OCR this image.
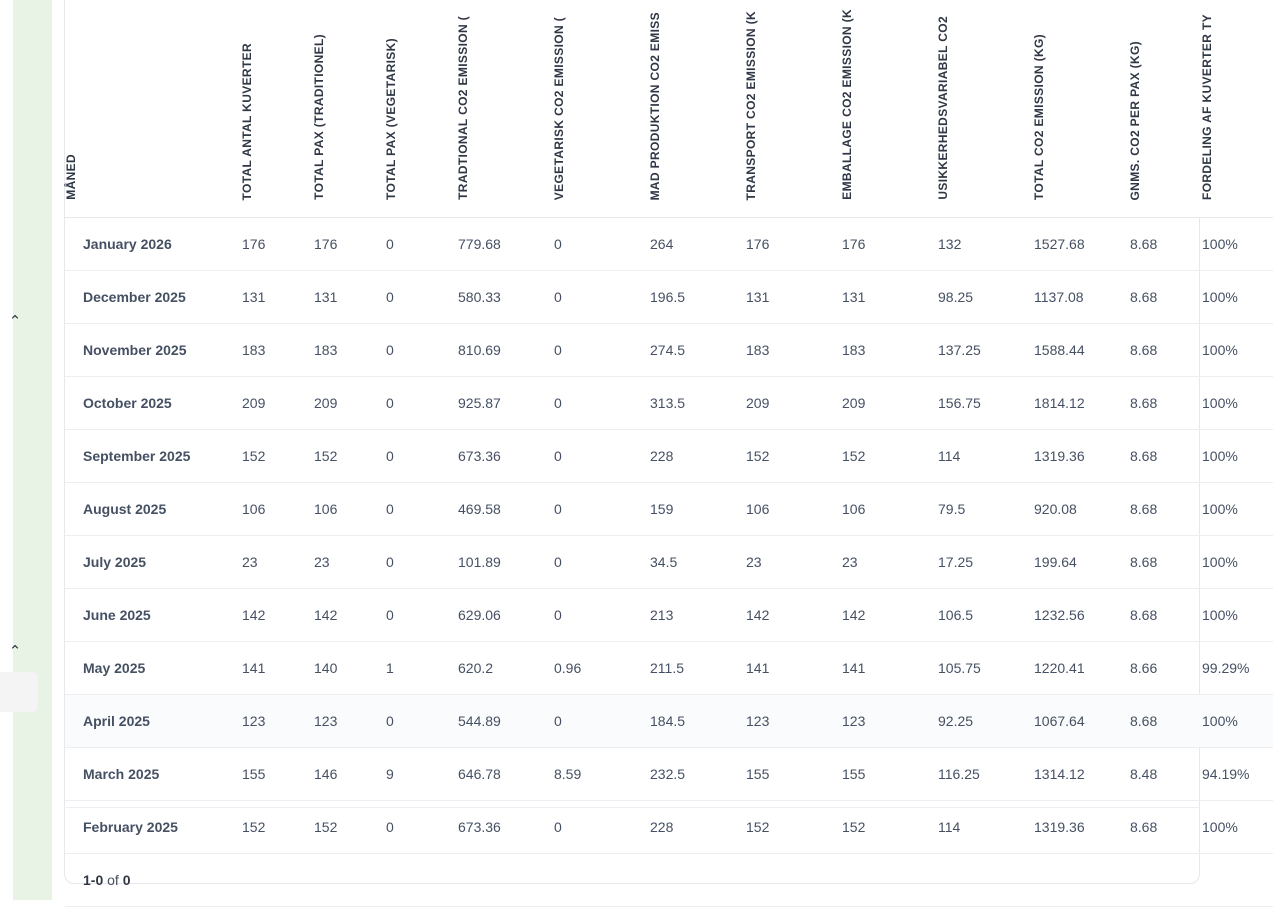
⌃
⌃
MÅNED	TOTAL ANTAL KUVERTER	TOTAL PAX (TRADITIONEL)	TOTAL PAX (VEGETARISK)	TRADTIONAL CO2 EMISSION (	VEGETARISK CO2 EMISSION (	MAD PRODUKTION CO2 EMISS	TRANSPORT CO2 EMISSION (K	EMBALLAGE CO2 EMISSION (K	USIKKERHEDSVARIABEL CO2	TOTAL CO2 EMISSION (KG)	GNMS. CO2 PER PAX (KG)	FORDELING AF KUVERTER TY
January 2026	176	176	0	779.68	0	264	176	176	132	1527.68	8.68	100%
December 2025	131	131	0	580.33	0	196.5	131	131	98.25	1137.08	8.68	100%
November 2025	183	183	0	810.69	0	274.5	183	183	137.25	1588.44	8.68	100%
October 2025	209	209	0	925.87	0	313.5	209	209	156.75	1814.12	8.68	100%
September 2025	152	152	0	673.36	0	228	152	152	114	1319.36	8.68	100%
August 2025	106	106	0	469.58	0	159	106	106	79.5	920.08	8.68	100%
July 2025	23	23	0	101.89	0	34.5	23	23	17.25	199.64	8.68	100%
June 2025	142	142	0	629.06	0	213	142	142	106.5	1232.56	8.68	100%
May 2025	141	140	1	620.2	0.96	211.5	141	141	105.75	1220.41	8.66	99.29%
April 2025	123	123	0	544.89	0	184.5	123	123	92.25	1067.64	8.68	100%
March 2025	155	146	9	646.78	8.59	232.5	155	155	116.25	1314.12	8.48	94.19%
February 2025	152	152	0	673.36	0	228	152	152	114	1319.36	8.68	100%
1-0 of 0												
